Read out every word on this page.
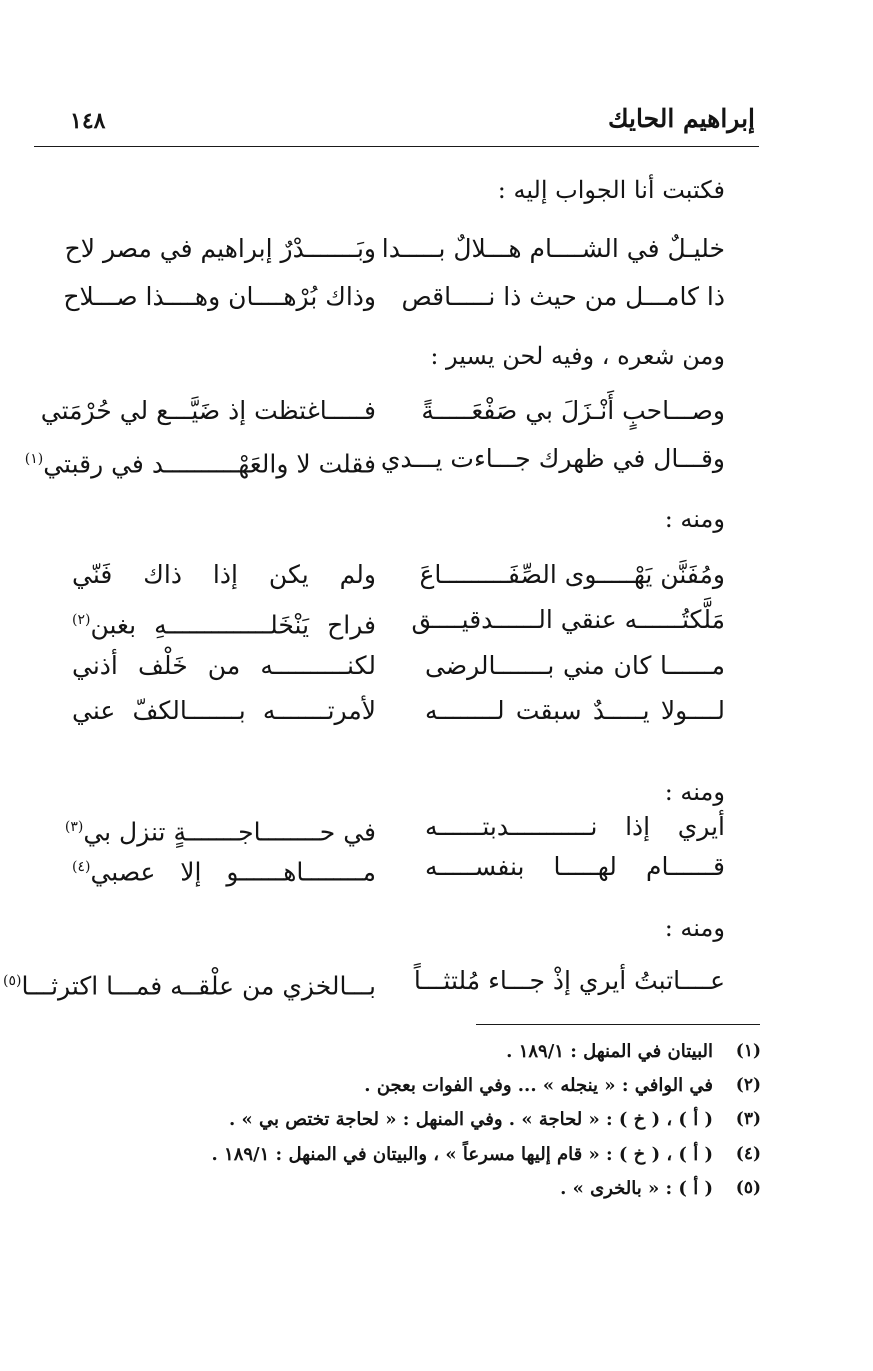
إبراهيم الحايك
١٤٨
فكتبت أنا الجواب إليه :
خليـلٌ في الشــــام هـــلالٌ بـــــدا
وبَـــــــدْرٌ إبراهيم في مصر لاح
ذا كامـــل من حيث ذا نـــــاقص
وذاك بُرْهــــان وهــــذا صـــلاح
ومن شعره ، وفيه لحن يسير :
وصـــاحبٍ أَنْـزَلَ بي صَفْعَـــــةً
فـــــاغتظت إذ ضَيَّـــع لي حُرْمَتي
وقـــال في ظهرك جـــاءت يـــدي
فقلت لا والعَهْــــــــــد في رقبتي$^{(١)}$
ومنه :
ومُفَنَّن يَهْـــــوى الصِّفَـــــــــاعَ
ولم يكن إذا ذاك فَنّي
مَلَّكتُــــــه عنقي الــــــدقيــــق
فراح يَنْخَلــــــــــــــهِ بغبن$^{(٢)}$
مــــــا كان مني بـــــــالرضى
لكنــــــــــه من خَلْف أذني
لــــولا يـــــدٌ سبقت لــــــــه
لأمرتـــــــه بـــــــالكفّ عني
ومنه :
أيري إذا نـــــــــــدبتــــــه
في حــــــــاجـــــــةٍ تنزل بي$^{(٣)}$
قــــــام لهـــــا بنفســـــه
مــــــــاهــــــو إلا عصبي$^{(٤)}$
ومنه :
عــــاتبتُ أيري إذْ جـــاء مُلتثـــاً
بـــالخزي من علْقــه فمـــا اكترثـــا$^{(٥)}$
(١)
البيتان في المنهل : ١٨٩/١ .
(٢)
في الوافي : « ينجله » ... وفي الفوات بعجن .
(٣)
( أ ) ، ( خ ) : « لحاجة » . وفي المنهل : « لحاجة تختص بي » .
(٤)
( أ ) ، ( خ ) : « قام إليها مسرعاً » ، والبيتان في المنهل : ١٨٩/١ .
(٥)
( أ ) : « بالخرى » .
